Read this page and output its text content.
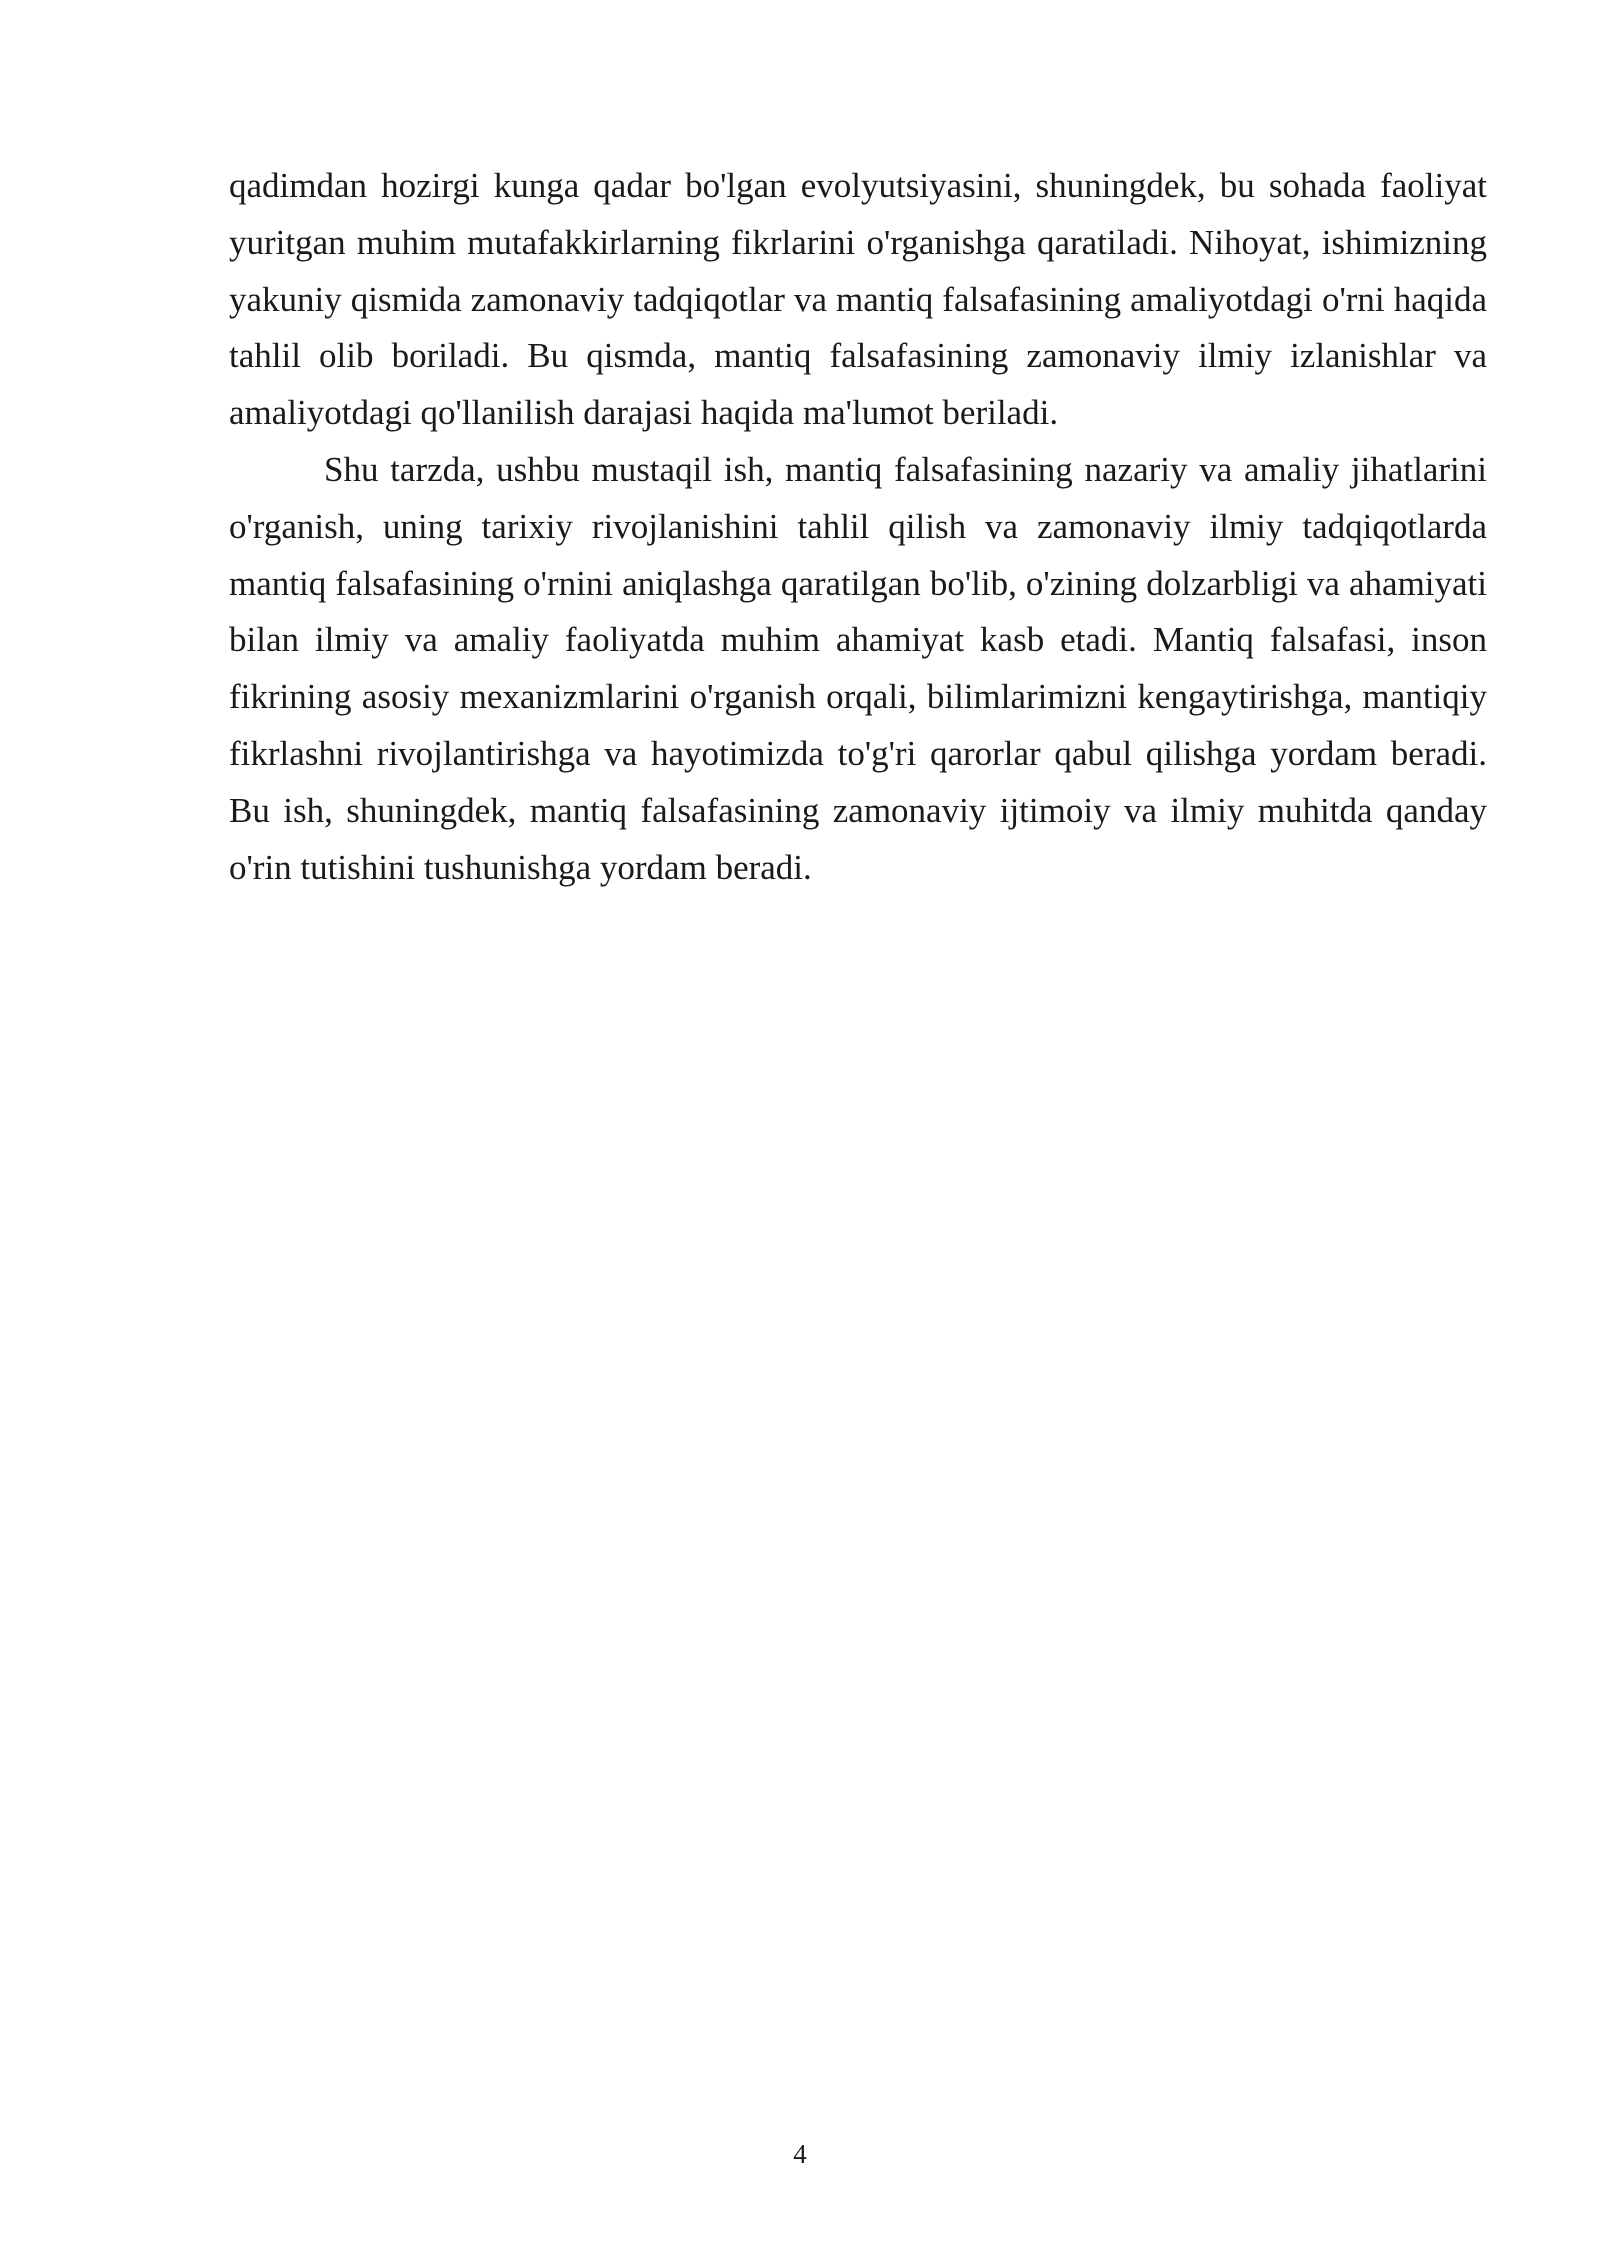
qadimdan hozirgi kunga qadar bo'lgan evolyutsiyasini, shuningdek, bu sohada faoliyat yuritgan muhim mutafakkirlarning fikrlarini o'rganishga qaratiladi. Nihoyat, ishimizning yakuniy qismida zamonaviy tadqiqotlar va mantiq falsafasining amaliyotdagi o'rni haqida tahlil olib boriladi. Bu qismda, mantiq falsafasining zamonaviy ilmiy izlanishlar va amaliyotdagi qo'llanilish darajasi haqida ma'lumot beriladi.

Shu tarzda, ushbu mustaqil ish, mantiq falsafasining nazariy va amaliy jihatlarini o'rganish, uning tarixiy rivojlanishini tahlil qilish va zamonaviy ilmiy tadqiqotlarda mantiq falsafasining o'rnini aniqlashga qaratilgan bo'lib, o'zining dolzarbligi va ahamiyati bilan ilmiy va amaliy faoliyatda muhim ahamiyat kasb etadi. Mantiq falsafasi, inson fikrining asosiy mexanizmlarini o'rganish orqali, bilimlarimizni kengaytirishga, mantiqiy fikrlashni rivojlantirishga va hayotimizda to'g'ri qarorlar qabul qilishga yordam beradi. Bu ish, shuningdek, mantiq falsafasining zamonaviy ijtimoiy va ilmiy muhitda qanday o'rin tutishini tushunishga yordam beradi.

4
